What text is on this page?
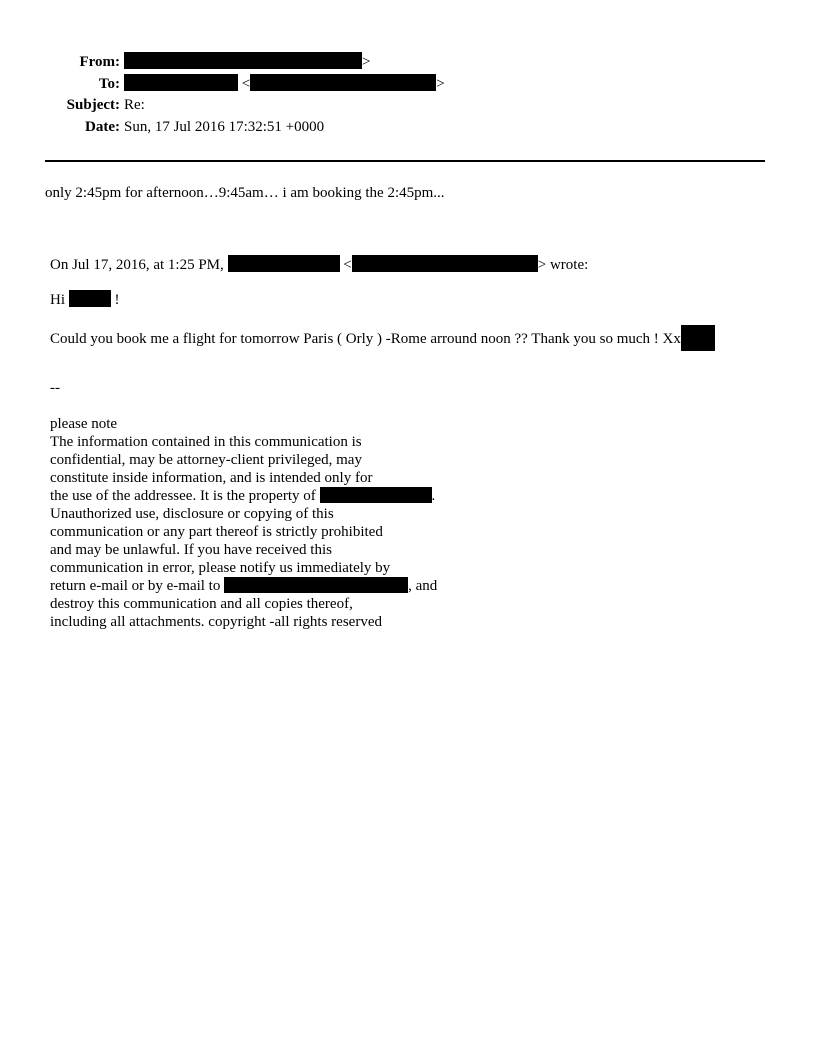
From:	>
To:	<	>
Subject: Re:
Date: Sun, 17 Jul 2016 17:32:51 +0000
only 2:45pm for afternoon…9:45am… i am booking the 2:45pm...
On Jul 17, 2016, at 1:25 PM,	<	> wrote:
Hi	!
Could you book me a flight for tomorrow Paris ( Orly ) -Rome arround noon ?? Thank you so much ! Xx
--
please note
The information contained in this communication is
confidential, may be attorney-client privileged, may
constitute inside information, and is intended only for
the use of the addressee. It is the property of	.
Unauthorized use, disclosure or copying of this
communication or any part thereof is strictly prohibited
and may be unlawful. If you have received this
communication in error, please notify us immediately by
return e-mail or by e-mail to	, and
destroy this communication and all copies thereof,
including all attachments. copyright -all rights reserved
